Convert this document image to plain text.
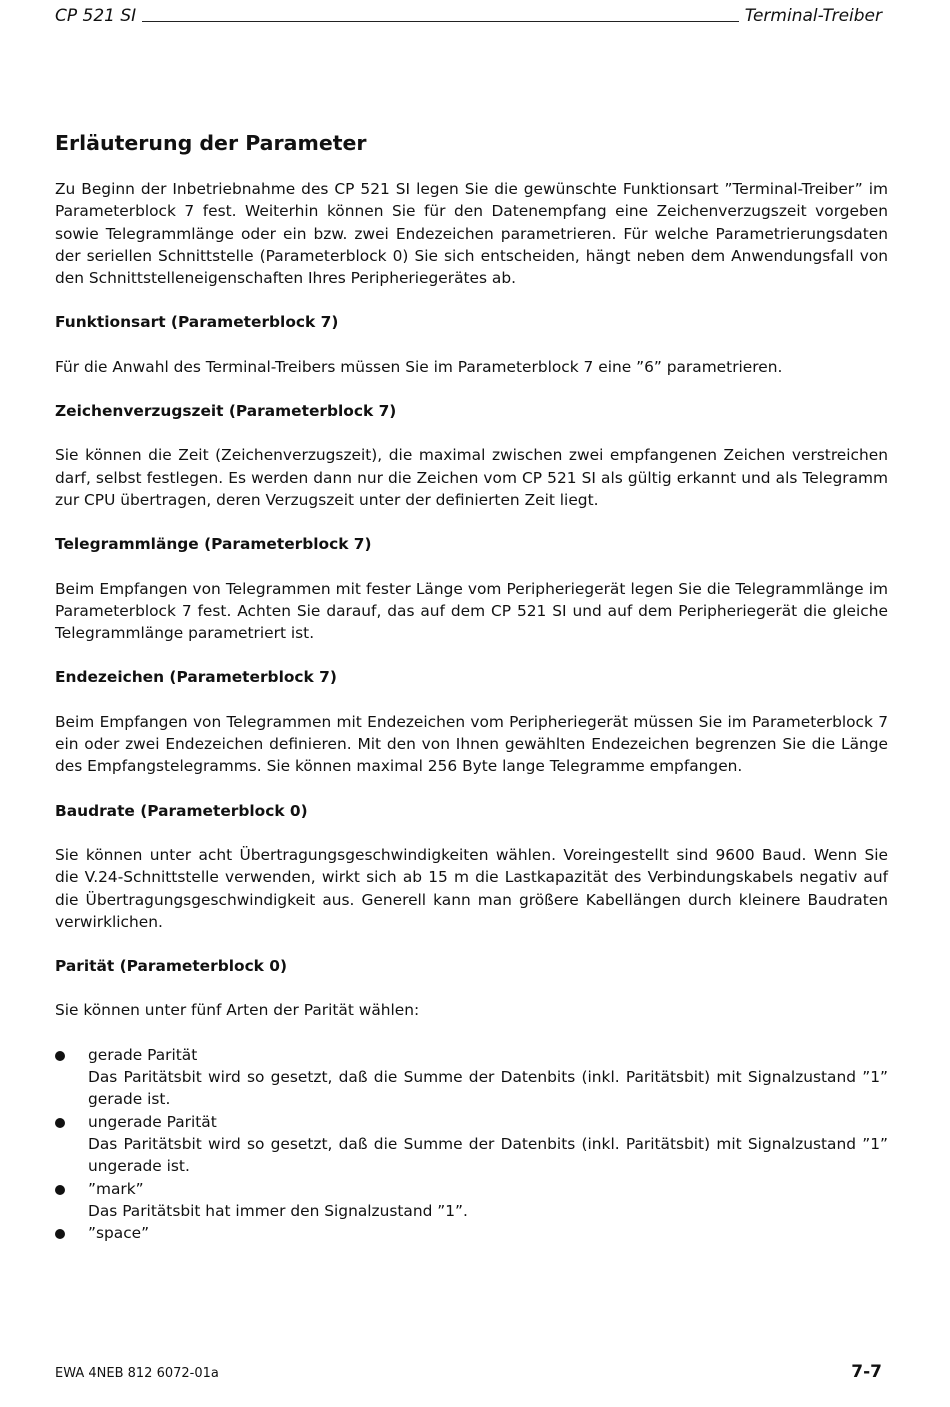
CP 521 SI	Terminal-Treiber
Erläuterung der Parameter

Zu Beginn der Inbetriebnahme des CP 521 SI legen Sie die gewünschte Funktionsart ”Terminal-Treiber” im Parameterblock 7 fest. Weiterhin können Sie für den Datenempfang eine Zeichenverzugszeit vorgeben sowie Telegrammlänge oder ein bzw. zwei Endezeichen parametrieren. Für welche Parametrierungsdaten der seriellen Schnittstelle (Parameterblock 0) Sie sich entscheiden, hängt neben dem Anwendungsfall von den Schnittstelleneigenschaften Ihres Peripheriegerätes ab.

Funktionsart (Parameterblock 7)

Für die Anwahl des Terminal-Treibers müssen Sie im Parameterblock 7 eine ”6” parametrieren.

Zeichenverzugszeit (Parameterblock 7)

Sie können die Zeit (Zeichenverzugszeit), die maximal zwischen zwei empfangenen Zeichen verstreichen darf, selbst festlegen. Es werden dann nur die Zeichen vom CP 521 SI als gültig erkannt und als Telegramm zur CPU übertragen, deren Verzugszeit unter der definierten Zeit liegt.

Telegrammlänge (Parameterblock 7)

Beim Empfangen von Telegrammen mit fester Länge vom Peripheriegerät legen Sie die Telegrammlänge im Parameterblock 7 fest. Achten Sie darauf, das auf dem CP 521 SI und auf dem Peripheriegerät die gleiche Telegrammlänge parametriert ist.

Endezeichen (Parameterblock 7)

Beim Empfangen von Telegrammen mit Endezeichen vom Peripheriegerät müssen Sie im Parameterblock 7 ein oder zwei Endezeichen definieren. Mit den von Ihnen gewählten Endezeichen begrenzen Sie die Länge des Empfangstelegramms. Sie können maximal 256 Byte lange Telegramme empfangen.

Baudrate (Parameterblock 0)

Sie können unter acht Übertragungsgeschwindigkeiten wählen. Voreingestellt sind 9600 Baud. Wenn Sie die V.24-Schnittstelle verwenden, wirkt sich ab 15 m die Lastkapazität des Verbindungskabels negativ auf die Übertragungsgeschwindigkeit aus. Generell kann man größere Kabellängen durch kleinere Baudraten verwirklichen.

Parität (Parameterblock 0)

Sie können unter fünf Arten der Parität wählen:

gerade Parität
Das Paritätsbit wird so gesetzt, daß die Summe der Datenbits (inkl. Paritätsbit) mit Signalzustand ”1” gerade ist.
ungerade Parität
Das Paritätsbit wird so gesetzt, daß die Summe der Datenbits (inkl. Paritätsbit) mit Signalzustand ”1” ungerade ist.
”mark”
Das Paritätsbit hat immer den Signalzustand ”1”.
”space”
EWA 4NEB 812 6072-01a	7-7
